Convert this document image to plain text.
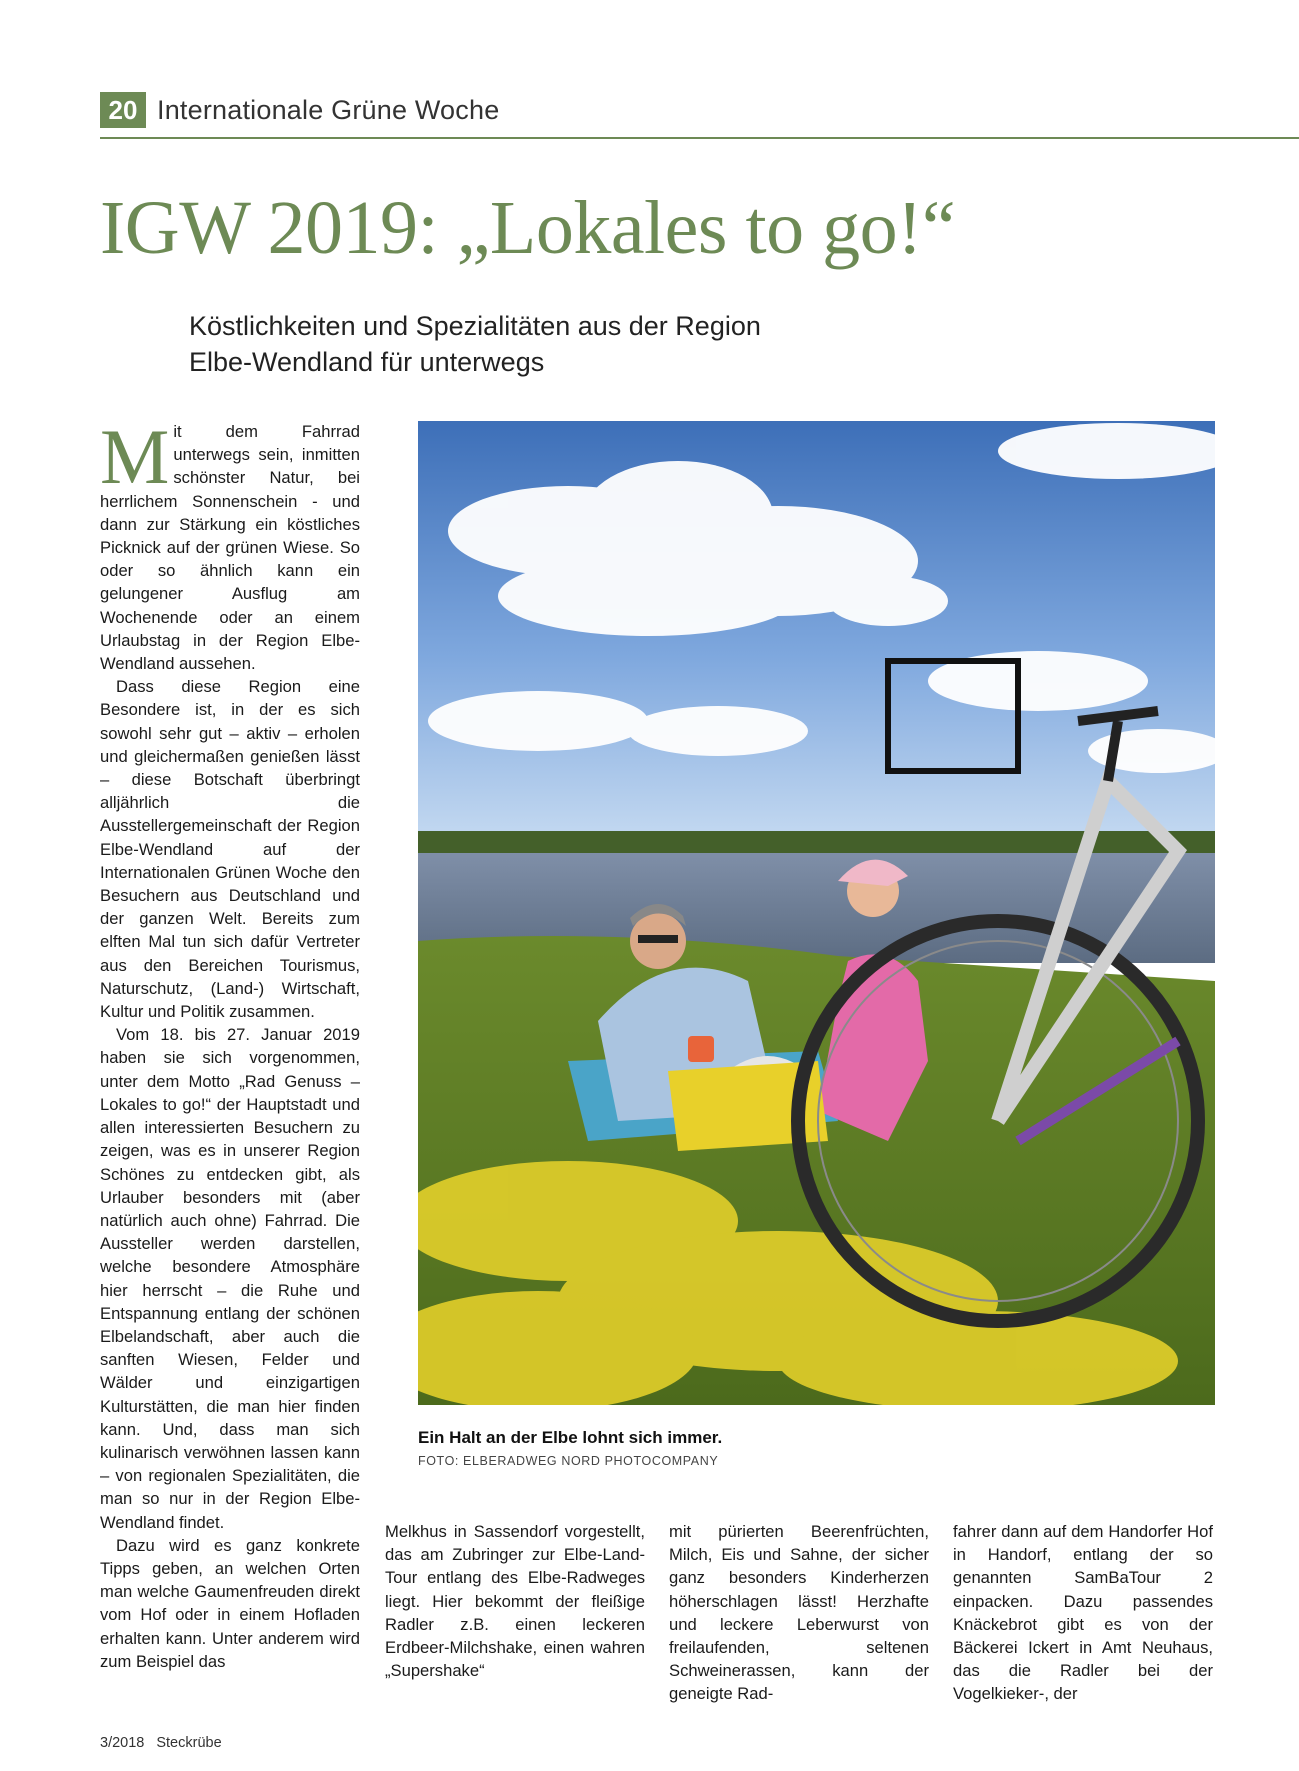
20 Internationale Grüne Woche
IGW 2019: „Lokales to go!“
Köstlichkeiten und Spezialitäten aus der Region
Elbe-Wendland für unterwegs

Mit dem Fahrrad unterwegs sein, inmitten schönster Natur, bei herrlichem Sonnenschein - und dann zur Stärkung ein köstliches Picknick auf der grünen Wiese. So oder so ähnlich kann ein gelungener Ausflug am Wochenende oder an einem Urlaubstag in der Region Elbe-Wendland aussehen.

Dass diese Region eine Besondere ist, in der es sich sowohl sehr gut – aktiv – erholen und gleichermaßen genießen lässt – diese Botschaft überbringt alljährlich die Ausstellergemeinschaft der Region Elbe-Wendland auf der Internationalen Grünen Woche den Besuchern aus Deutschland und der ganzen Welt. Bereits zum elften Mal tun sich dafür Vertreter aus den Bereichen Tourismus, Naturschutz, (Land-) Wirtschaft, Kultur und Politik zusammen.

Vom 18. bis 27. Januar 2019 haben sie sich vorgenommen, unter dem Motto „Rad Genuss – Lokales to go!“ der Hauptstadt und allen interessierten Besuchern zu zeigen, was es in unserer Region Schönes zu entdecken gibt, als Urlauber besonders mit (aber natürlich auch ohne) Fahrrad. Die Aussteller werden darstellen, welche besondere Atmosphäre hier herrscht – die Ruhe und Entspannung entlang der schönen Elbelandschaft, aber auch die sanften Wiesen, Felder und Wälder und einzigartigen Kulturstätten, die man hier finden kann. Und, dass man sich kulinarisch verwöhnen lassen kann – von regionalen Spezialitäten, die man so nur in der Region Elbe-Wendland findet.

Dazu wird es ganz konkrete Tipps geben, an welchen Orten man welche Gaumenfreuden direkt vom Hof oder in einem Hofladen erhalten kann. Unter anderem wird zum Beispiel das

Ein Halt an der Elbe lohnt sich immer.
FOTO: ELBERADWEG NORD PHOTOCOMPANY

Melkhus in Sassendorf vorgestellt, das am Zubringer zur Elbe-Land-Tour entlang des Elbe-Radweges liegt. Hier bekommt der fleißige Radler z.B. einen leckeren Erdbeer-Milchshake, einen wahren „Supershake“

mit pürierten Beerenfrüchten, Milch, Eis und Sahne, der sicher ganz besonders Kinderherzen höherschlagen lässt! Herzhafte und leckere Leberwurst von freilaufenden, seltenen Schweinerassen, kann der geneigte Rad-

fahrer dann auf dem Handorfer Hof in Handorf, entlang der so genannten SamBaTour 2 einpacken. Dazu passendes Knäckebrot gibt es von der Bäckerei Ickert in Amt Neuhaus, das die Radler bei der Vogelkieker-, der

3/2018 Steckrübe
